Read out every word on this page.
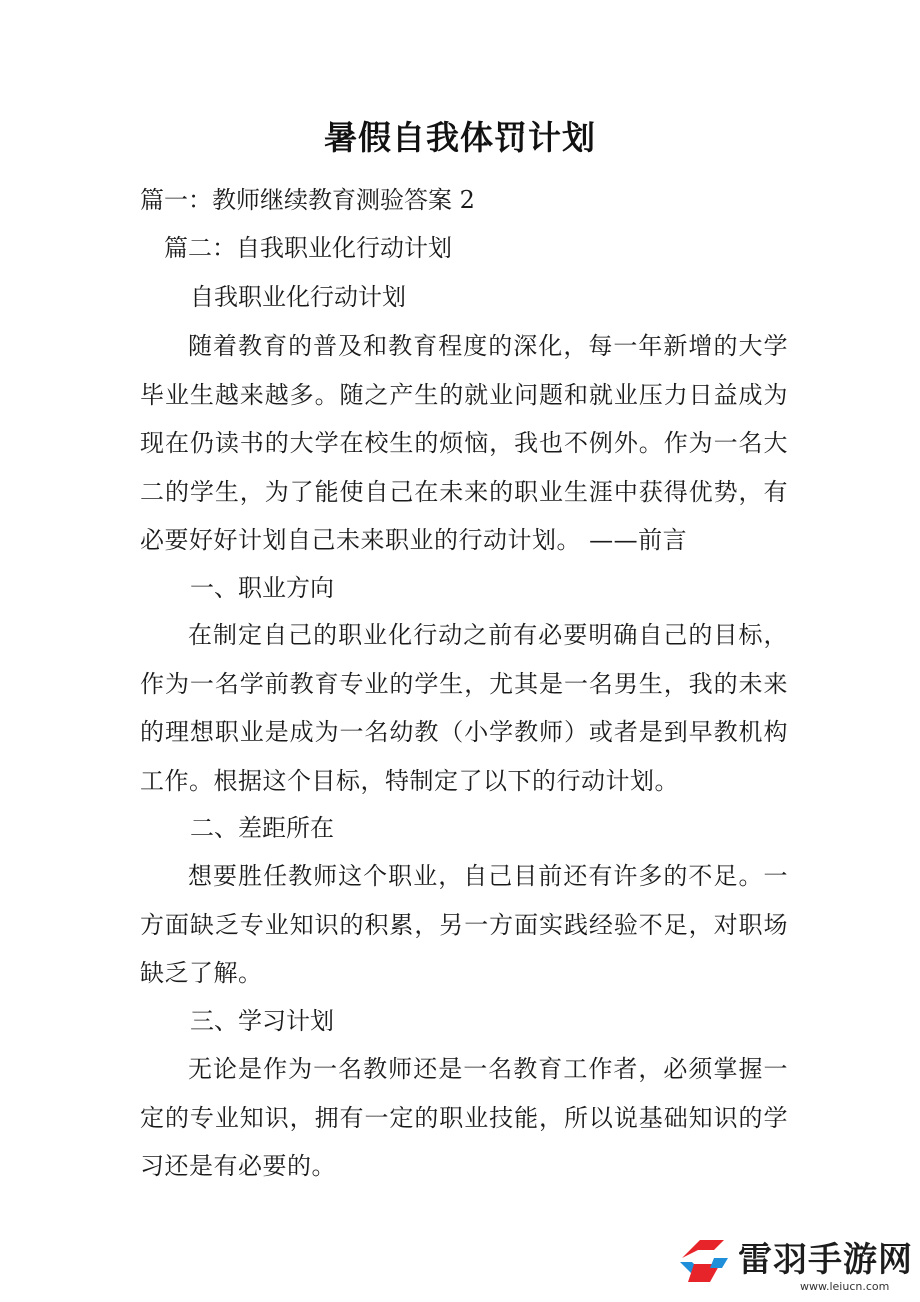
暑假自我体罚计划
篇一：教师继续教育测验答案 2
篇二：自我职业化行动计划
自我职业化行动计划

随着教育的普及和教育程度的深化，每一年新增的大学毕业生越来越多。随之产生的就业问题和就业压力日益成为现在仍读书的大学在校生的烦恼，我也不例外。作为一名大二的学生，为了能使自己在未来的职业生涯中获得优势，有必要好好计划自己未来职业的行动计划。 ——前言

一、职业方向

在制定自己的职业化行动之前有必要明确自己的目标，作为一名学前教育专业的学生，尤其是一名男生，我的未来的理想职业是成为一名幼教（小学教师）或者是到早教机构工作。根据这个目标，特制定了以下的行动计划。

二、差距所在

想要胜任教师这个职业，自己目前还有许多的不足。一方面缺乏专业知识的积累，另一方面实践经验不足，对职场缺乏了解。

三、学习计划

无论是作为一名教师还是一名教育工作者，必须掌握一定的专业知识，拥有一定的职业技能，所以说基础知识的学习还是有必要的。

雷羽手游网
www.leiucn.com
